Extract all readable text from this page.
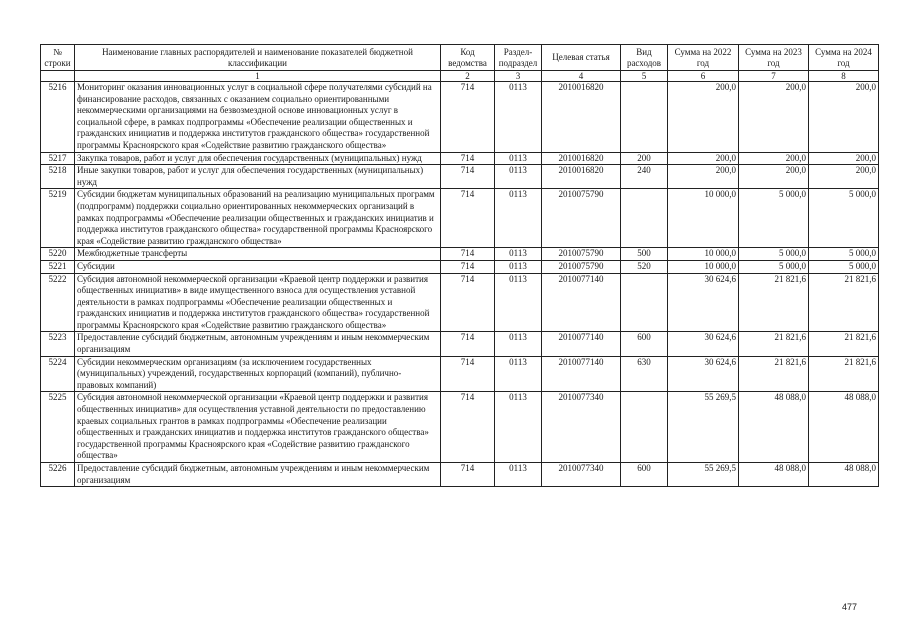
№ строки	Наименование главных распорядителей и наименование показателей бюджетной классификации	Код ведомства	Раздел-подраздел	Целевая статья	Вид расходов	Сумма на 2022 год	Сумма на 2023 год	Сумма на 2024 год
	1	2	3	4	5	6	7	8
5216	Мониторинг оказания инновационных услуг в социальной сфере получателями субсидий на финансирование расходов, связанных с оказанием социально ориентированными некоммерческими организациями на безвозмездной основе инновационных услуг в социальной сфере, в рамках подпрограммы «Обеспечение реализации общественных и гражданских инициатив и поддержка институтов гражданского общества» государственной программы Красноярского края «Содействие развитию гражданского общества»	714	0113	2010016820		200,0	200,0	200,0
5217	Закупка товаров, работ и услуг для обеспечения государственных (муниципальных) нужд	714	0113	2010016820	200	200,0	200,0	200,0
5218	Иные закупки товаров, работ и услуг для обеспечения государственных (муниципальных) нужд	714	0113	2010016820	240	200,0	200,0	200,0
5219	Субсидии бюджетам муниципальных образований на реализацию муниципальных программ (подпрограмм) поддержки социально ориентированных некоммерческих организаций в рамках подпрограммы «Обеспечение реализации общественных и гражданских инициатив и поддержка институтов гражданского общества» государственной программы Красноярского края «Содействие развитию гражданского общества»	714	0113	2010075790		10 000,0	5 000,0	5 000,0
5220	Межбюджетные трансферты	714	0113	2010075790	500	10 000,0	5 000,0	5 000,0
5221	Субсидии	714	0113	2010075790	520	10 000,0	5 000,0	5 000,0
5222	Субсидия автономной некоммерческой организации «Краевой центр поддержки и развития общественных инициатив» в виде имущественного взноса для осуществления уставной деятельности в рамках подпрограммы «Обеспечение реализации общественных и гражданских инициатив и поддержка институтов гражданского общества» государственной программы Красноярского края «Содействие развитию гражданского общества»	714	0113	2010077140		30 624,6	21 821,6	21 821,6
5223	Предоставление субсидий бюджетным, автономным учреждениям и иным некоммерческим организациям	714	0113	2010077140	600	30 624,6	21 821,6	21 821,6
5224	Субсидии некоммерческим организациям (за исключением государственных (муниципальных) учреждений, государственных корпораций (компаний), публично-правовых компаний)	714	0113	2010077140	630	30 624,6	21 821,6	21 821,6
5225	Субсидия автономной некоммерческой организации «Краевой центр поддержки и развития общественных инициатив» для осуществления уставной деятельности по предоставлению краевых социальных грантов в рамках подпрограммы «Обеспечение реализации общественных и гражданских инициатив и поддержка институтов гражданского общества» государственной программы Красноярского края «Содействие развитию гражданского общества»	714	0113	2010077340		55 269,5	48 088,0	48 088,0
5226	Предоставление субсидий бюджетным, автономным учреждениям и иным некоммерческим организациям	714	0113	2010077340	600	55 269,5	48 088,0	48 088,0
477
